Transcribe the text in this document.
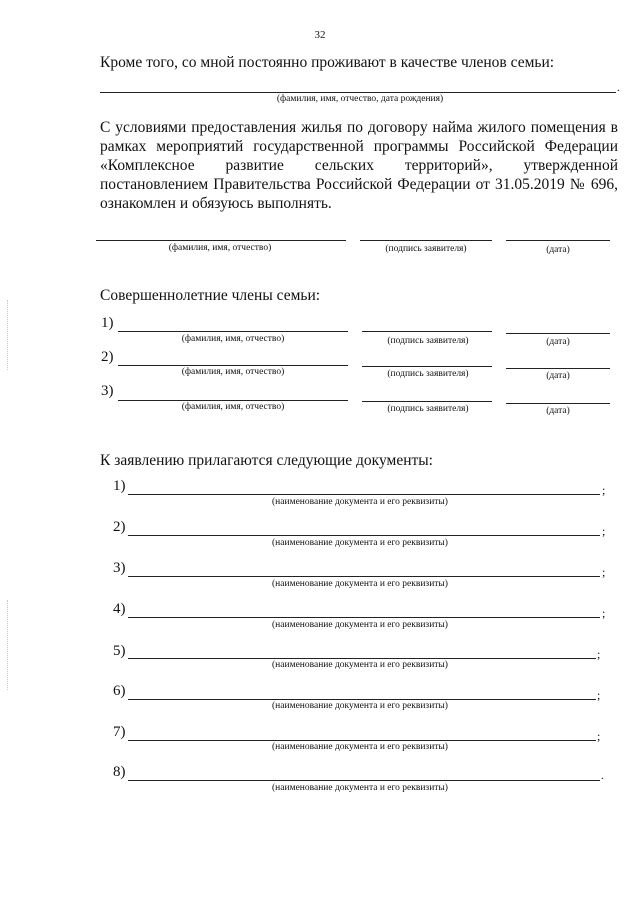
32
Кроме того, со мной постоянно проживают в качестве членов семьи:
.
(фамилия, имя, отчество, дата рождения)
С условиями предоставления жилья по договору найма жилого помещения в рамках мероприятий государственной программы Российской Федерации «Комплексное развитие сельских территорий», утвержденной постановлением Правительства Российской Федерации от 31.05.2019 № 696, ознакомлен и обязуюсь выполнять.
(фамилия, имя, отчество)	(подпись заявителя)	(дата)
Совершеннолетние члены семьи:
1)
(фамилия, имя, отчество)	(подпись заявителя)	(дата)
2)
(фамилия, имя, отчество)	(подпись заявителя)	(дата)
3)
(фамилия, имя, отчество)	(подпись заявителя)	(дата)
К заявлению прилагаются следующие документы:
1)	;
(наименование документа и его реквизиты)
2)	;
(наименование документа и его реквизиты)
3)	;
(наименование документа и его реквизиты)
4)	;
(наименование документа и его реквизиты)
5)	;
(наименование документа и его реквизиты)
6)	;
(наименование документа и его реквизиты)
7)	;
(наименование документа и его реквизиты)
8)	.
(наименование документа и его реквизиты)
